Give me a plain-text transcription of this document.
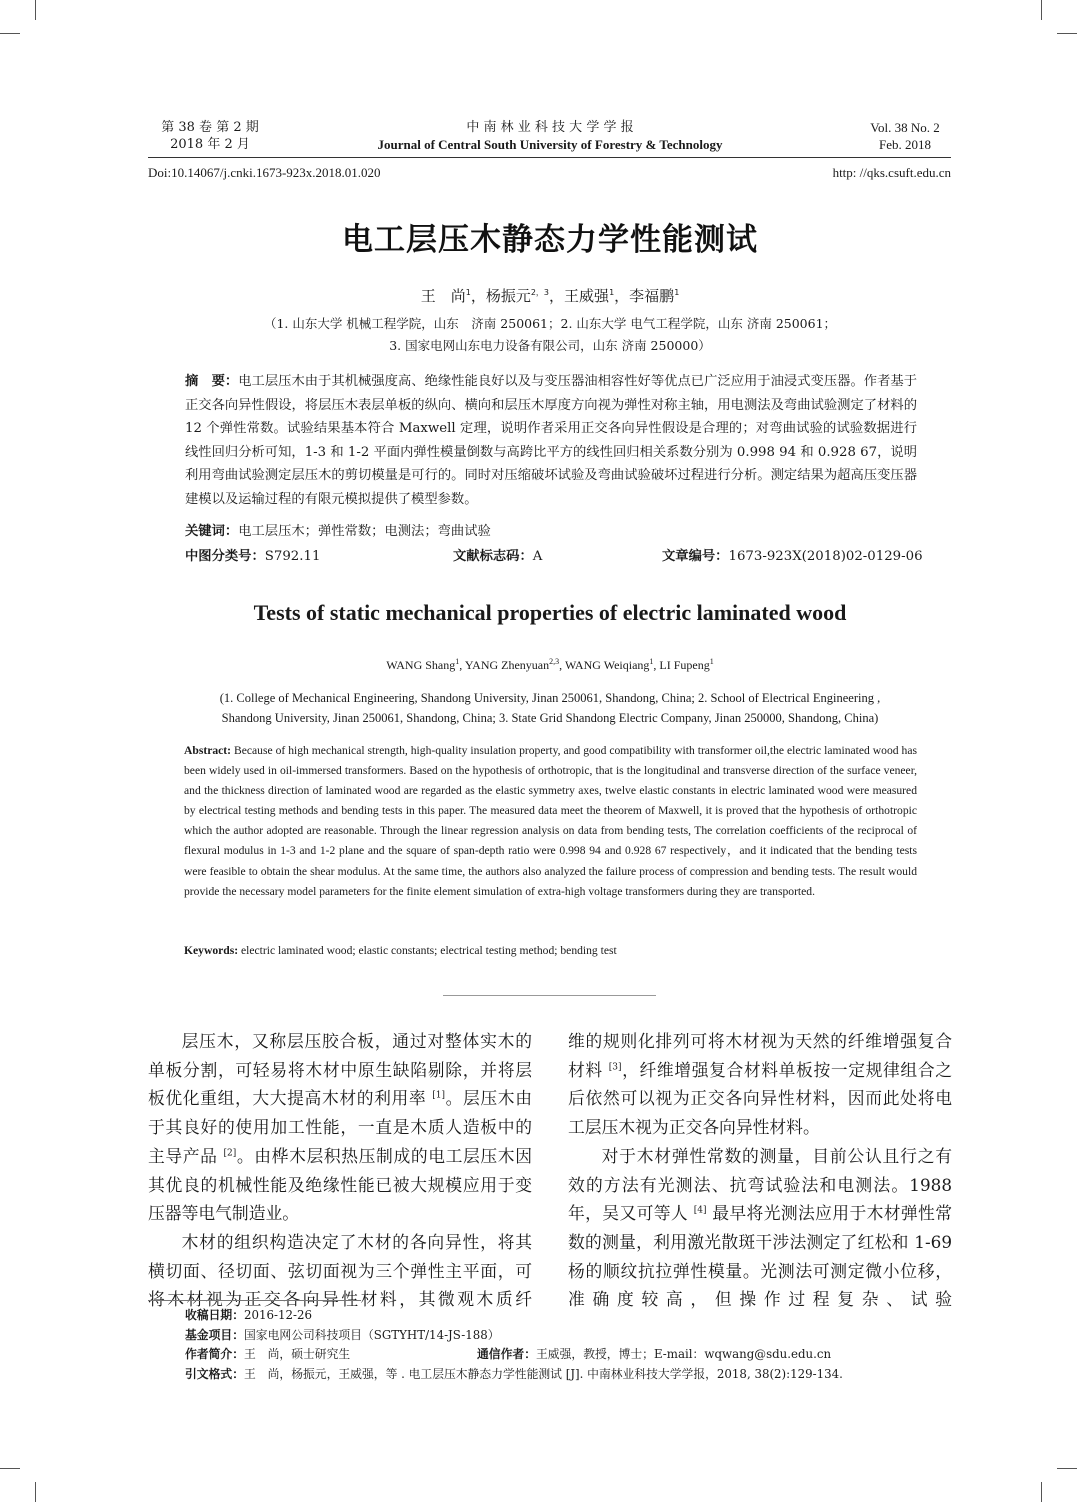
第 38 卷 第 2 期
2018 年 2 月
中 南 林 业 科 技 大 学 学 报
Journal of Central South University of Forestry & Technology
Vol. 38 No. 2
Feb. 2018
Doi:10.14067/j.cnki.1673-923x.2018.01.020	http: //qks.csuft.edu.cn
电工层压木静态力学性能测试
王　尚$^1$，杨振元$^{2,3}$，王威强$^1$，李福鹏$^1$
（1. 山东大学 机械工程学院，山东　济南 250061；2. 山东大学 电气工程学院，山东 济南 250061；
3. 国家电网山东电力设备有限公司，山东 济南 250000）
摘　要：电工层压木由于其机械强度高、绝缘性能良好以及与变压器油相容性好等优点已广泛应用于油浸式变压器。作者基于正交各向异性假设，将层压木表层单板的纵向、横向和层压木厚度方向视为弹性对称主轴，用电测法及弯曲试验测定了材料的 12 个弹性常数。试验结果基本符合 Maxwell 定理，说明作者采用正交各向异性假设是合理的；对弯曲试验的试验数据进行线性回归分析可知，1-3 和 1-2 平面内弹性模量倒数与高跨比平方的线性回归相关系数分别为 0.998 94 和 0.928 67，说明利用弯曲试验测定层压木的剪切模量是可行的。同时对压缩破坏试验及弯曲试验破坏过程进行分析。测定结果为超高压变压器建模以及运输过程的有限元模拟提供了模型参数。
关键词：电工层压木；弹性常数；电测法；弯曲试验
中图分类号：S792.11	文献标志码：A	文章编号：1673-923X(2018)02-0129-06
Tests of static mechanical properties of electric laminated wood
WANG Shang$^1$, YANG Zhenyuan$^{2,3}$, WANG Weiqiang$^1$, LI Fupeng$^1$
(1. College of Mechanical Engineering, Shandong University, Jinan 250061, Shandong, China; 2. School of Electrical Engineering ,
Shandong University, Jinan 250061, Shandong, China; 3. State Grid Shandong Electric Company, Jinan 250000, Shandong, China)
Abstract: Because of high mechanical strength, high-quality insulation property, and good compatibility with transformer oil,the electric laminated wood has been widely used in oil-immersed transformers. Based on the hypothesis of orthotropic, that is the longitudinal and transverse direction of the surface veneer, and the thickness direction of laminated wood are regarded as the elastic symmetry axes, twelve elastic constants in electric laminated wood were measured by electrical testing methods and bending tests in this paper. The measured data meet the theorem of Maxwell, it is proved that the hypothesis of orthotropic which the author adopted are reasonable. Through the linear regression analysis on data from bending tests, The correlation coefficients of the reciprocal of flexural modulus in 1-3 and 1-2 plane and the square of span-depth ratio were 0.998 94 and 0.928 67 respectively，and it indicated that the bending tests were feasible to obtain the shear modulus. At the same time, the authors also analyzed the failure process of compression and bending tests. The result would provide the necessary model parameters for the finite element simulation of extra-high voltage transformers during they are transported.
Keywords: electric laminated wood; elastic constants; electrical testing method; bending test

层压木，又称层压胶合板，通过对整体实木的单板分割，可轻易将木材中原生缺陷剔除，并将层板优化重组，大大提高木材的利用率 [1]。层压木由于其良好的使用加工性能，一直是木质人造板中的主导产品 [2]。由桦木层积热压制成的电工层压木因其优良的机械性能及绝缘性能已被大规模应用于变压器等电气制造业。

木材的组织构造决定了木材的各向异性，将其横切面、径切面、弦切面视为三个弹性主平面，可将木材视为正交各向异性材料，其微观木质纤

维的规则化排列可将木材视为天然的纤维增强复合材料 [3]，纤维增强复合材料单板按一定规律组合之后依然可以视为正交各向异性材料，因而此处将电工层压木视为正交各向异性材料。

对于木材弹性常数的测量，目前公认且行之有效的方法有光测法、抗弯试验法和电测法。1988 年，吴又可等人 [4] 最早将光测法应用于木材弹性常数的测量，利用激光散斑干涉法测定了红松和 1-69 杨的顺纹抗拉弹性模量。光测法可测定微小位移，准确度较高，但操作过程复杂、试验

收稿日期：2016-12-26
基金项目：国家电网公司科技项目（SGTYHT/14-JS-188）
作者简介：王　尚，硕士研究生	通信作者：王威强，教授，博士；E-mail：wqwang@sdu.edu.cn
引文格式：王　尚，杨振元，王威强，等 . 电工层压木静态力学性能测试 [J]. 中南林业科技大学学报，2018, 38(2):129-134.
